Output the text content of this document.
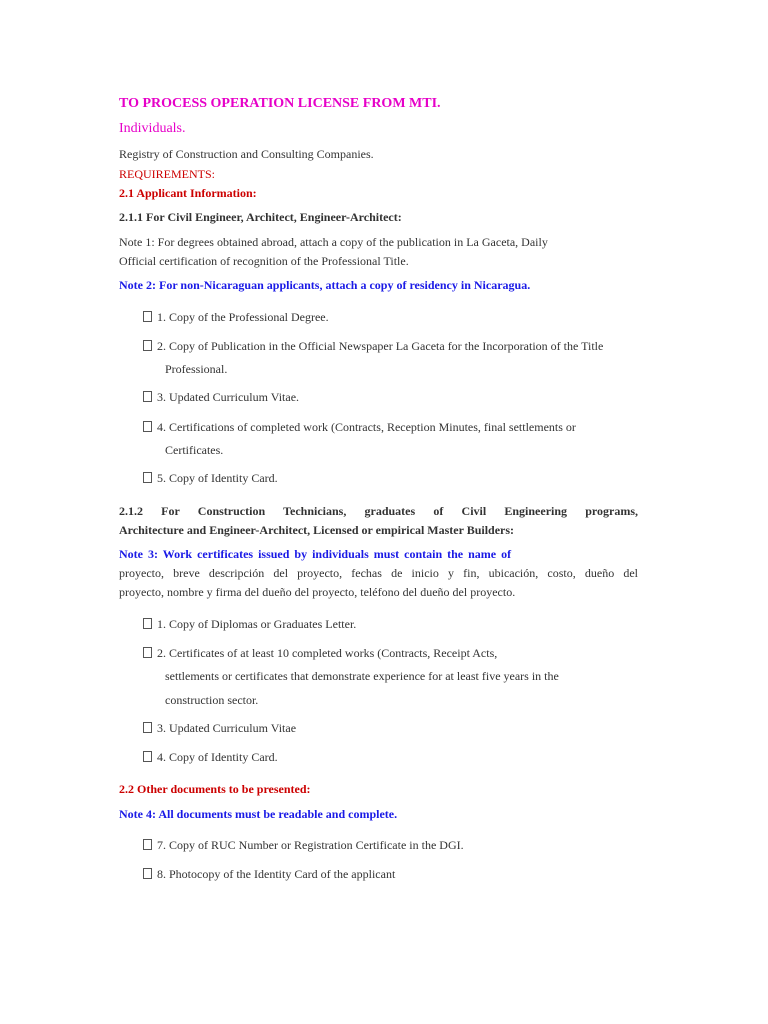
TO PROCESS OPERATION LICENSE FROM MTI.
Individuals.
Registry of Construction and Consulting Companies.
REQUIREMENTS:
2.1 Applicant Information:
2.1.1 For Civil Engineer, Architect, Engineer-Architect:
Note 1: For degrees obtained abroad, attach a copy of the publication in La Gaceta, Daily
Official certification of recognition of the Professional Title.
Note 2: For non-Nicaraguan applicants, attach a copy of residency in Nicaragua.
1. Copy of the Professional Degree.
2. Copy of Publication in the Official Newspaper La Gaceta for the Incorporation of the Title
Professional.
3. Updated Curriculum Vitae.
4. Certifications of completed work (Contracts, Reception Minutes, final settlements or
Certificates.
5. Copy of Identity Card.
2.1.2 For Construction Technicians, graduates of Civil Engineering programs,
Architecture and Engineer-Architect, Licensed or empirical Master Builders:
Note 3: Work certificates issued by individuals must contain the name of
proyecto, breve descripción del proyecto, fechas de inicio y fin, ubicación, costo, dueño del
proyecto, nombre y firma del dueño del proyecto, teléfono del dueño del proyecto.
1. Copy of Diplomas or Graduates Letter.
2. Certificates of at least 10 completed works (Contracts, Receipt Acts,
settlements or certificates that demonstrate experience for at least five years in the
construction sector.
3. Updated Curriculum Vitae
4. Copy of Identity Card.
2.2 Other documents to be presented:
Note 4: All documents must be readable and complete.
7. Copy of RUC Number or Registration Certificate in the DGI.
8. Photocopy of the Identity Card of the applicant
